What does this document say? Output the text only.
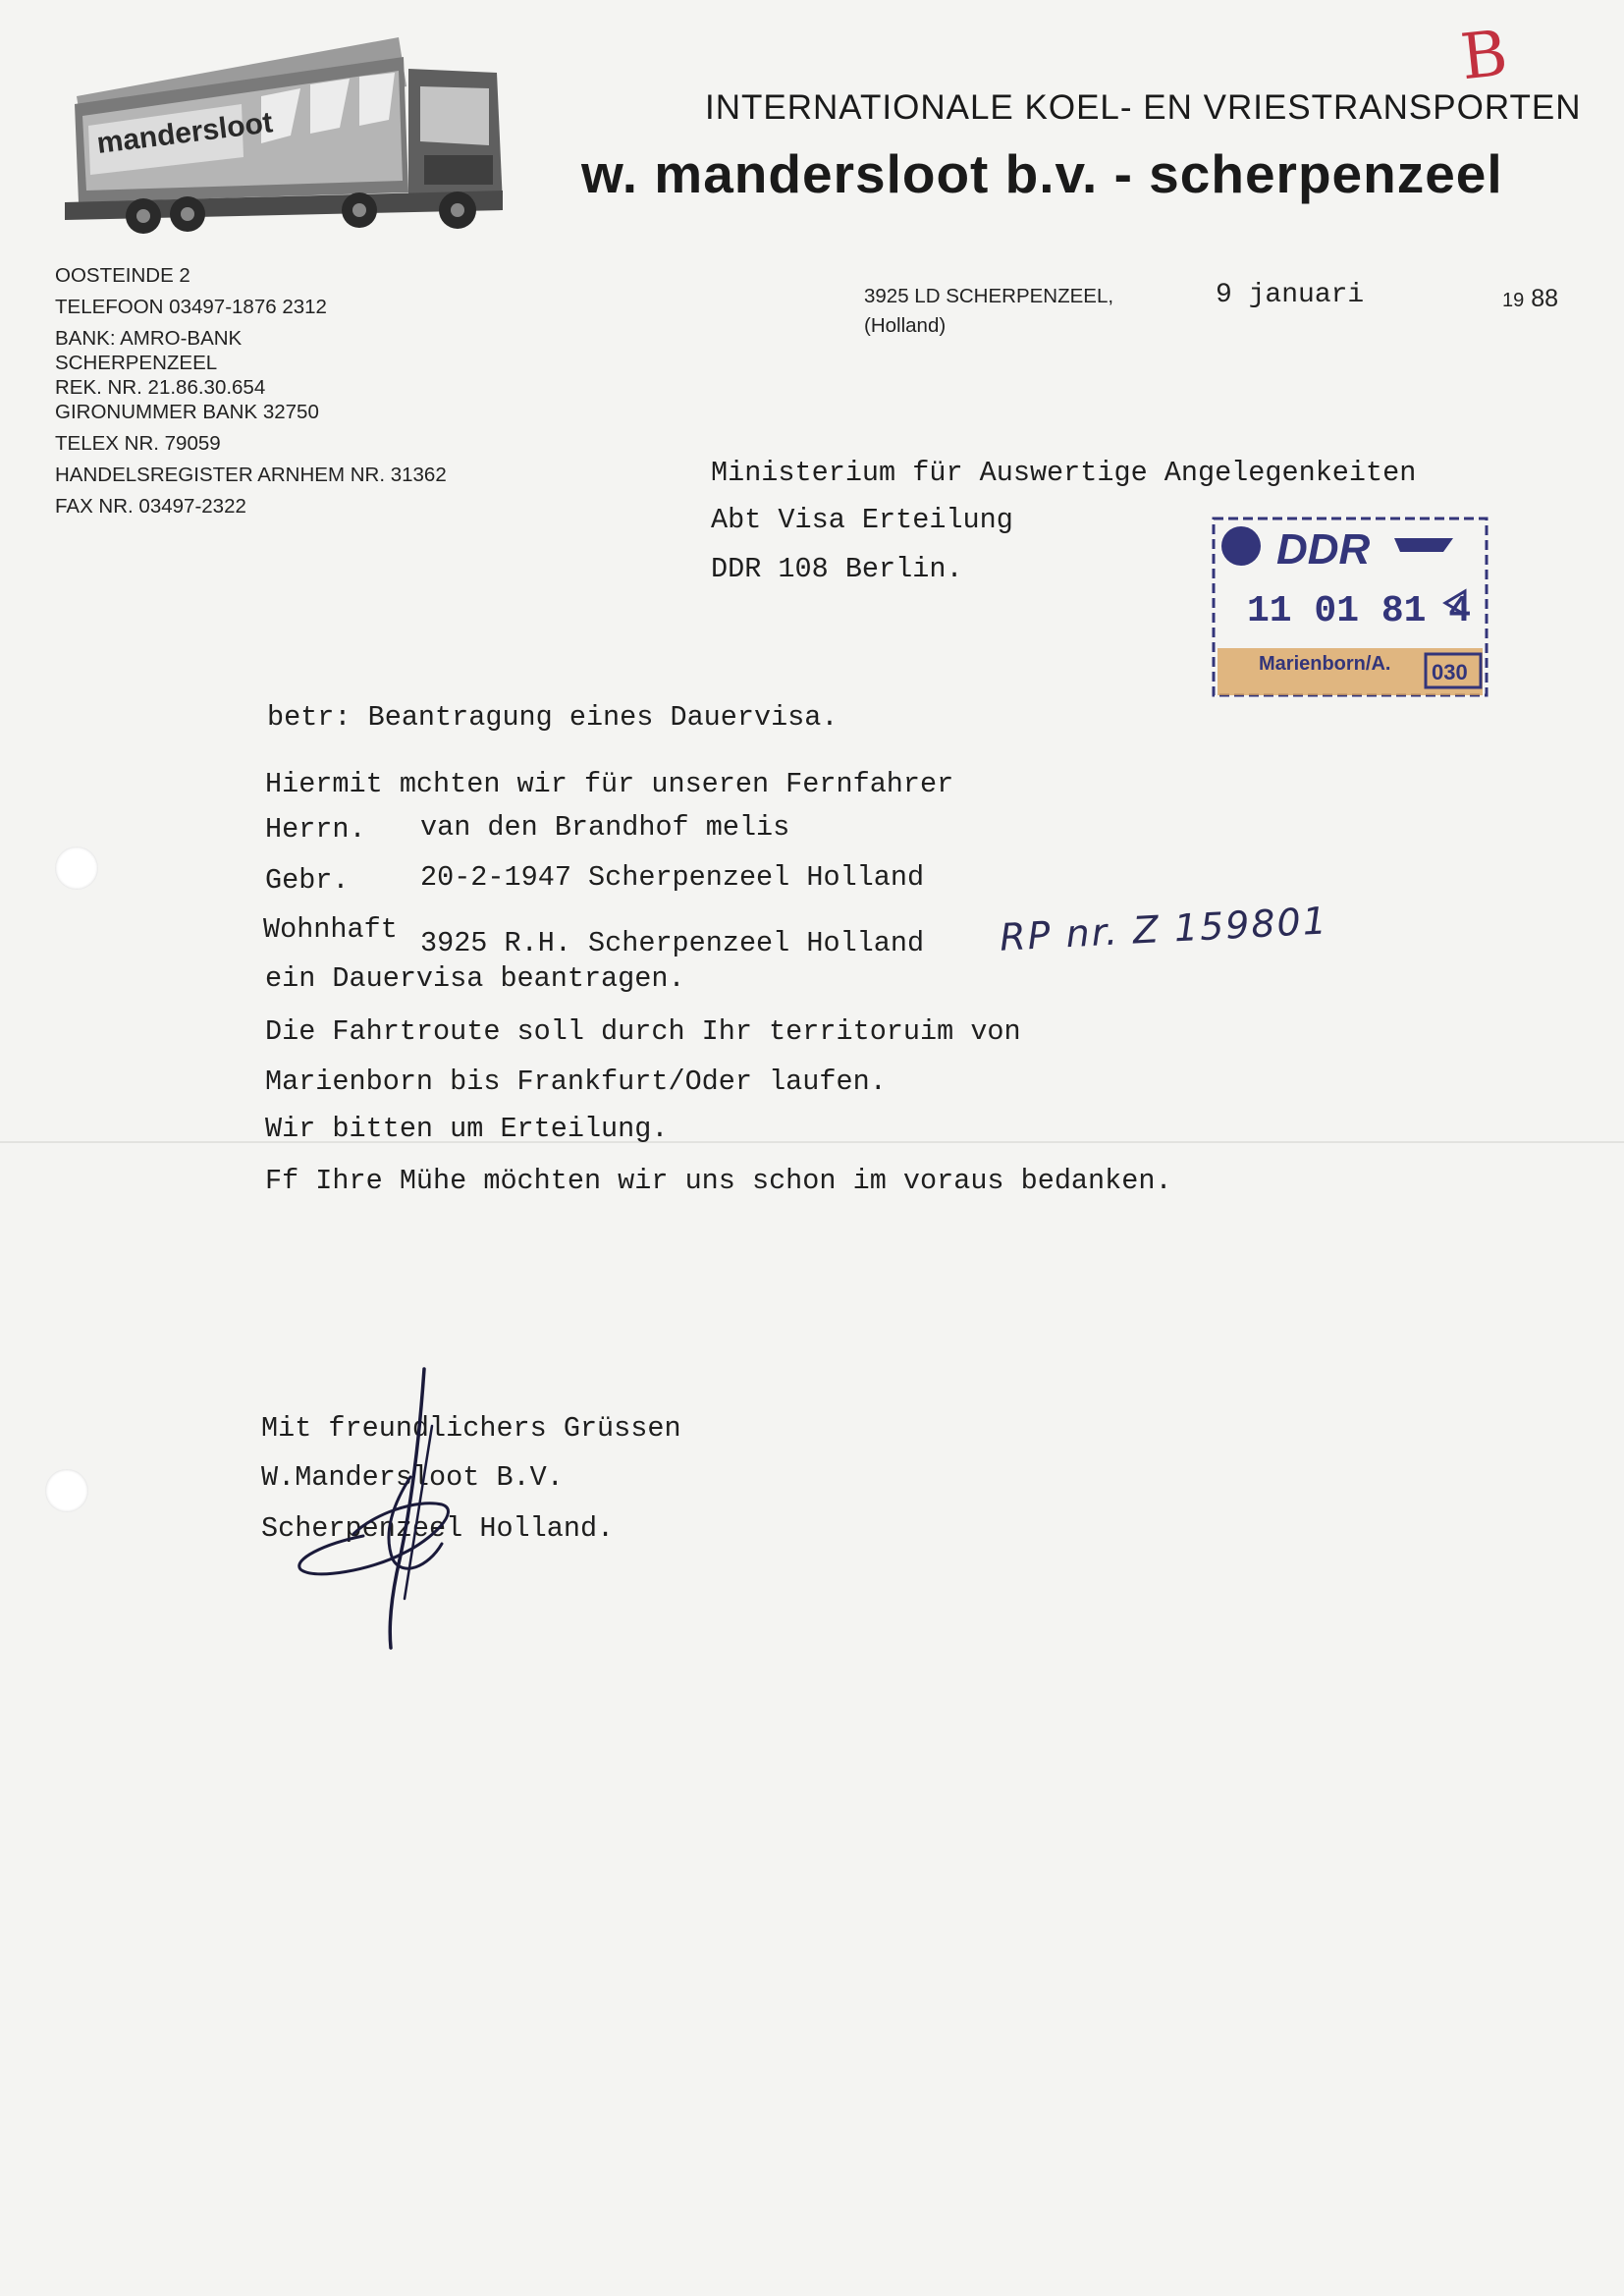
mandersloot	INTERNATIONALE KOEL- EN VRIESTRANSPORTEN
w. mandersloot b.v. - scherpenzeel
B
OOSTEINDE 2
TELEFOON 03497-1876 2312
BANK: AMRO-BANK
SCHERPENZEEL
REK. NR. 21.86.30.654
GIRONUMMER BANK 32750
TELEX NR. 79059
HANDELSREGISTER ARNHEM NR. 31362
FAX NR. 03497-2322
3925 LD SCHERPENZEEL,
(Holland)
9 januari	19 88
Ministerium für Auswertige Angelegenkeiten
Abt Visa Erteilung
DDR 108 Berlin.	DDR
11 01 81 4
Marienborn/A. 030
betr: Beantragung eines Dauervisa.
Hiermit mchten wir für unseren Fernfahrer
Herrn. van den Brandhof melis
Gebr.	20-2-1947 Scherpenzeel Holland
Wohnhaft 3925 R.H. Scherpenzeel Holland RP nr. Z 159801
ein Dauervisa beantragen.
Die Fahrtroute soll durch Ihr territoruim von
Marienborn bis Frankfurt/Oder laufen.
Wir bitten um Erteilung.
Ff Ihre Mühe möchten wir uns schon im voraus bedanken.
Mit freundlichers Grüssen
W.Mandersloot B.V.
Scherpenzeel Holland.
